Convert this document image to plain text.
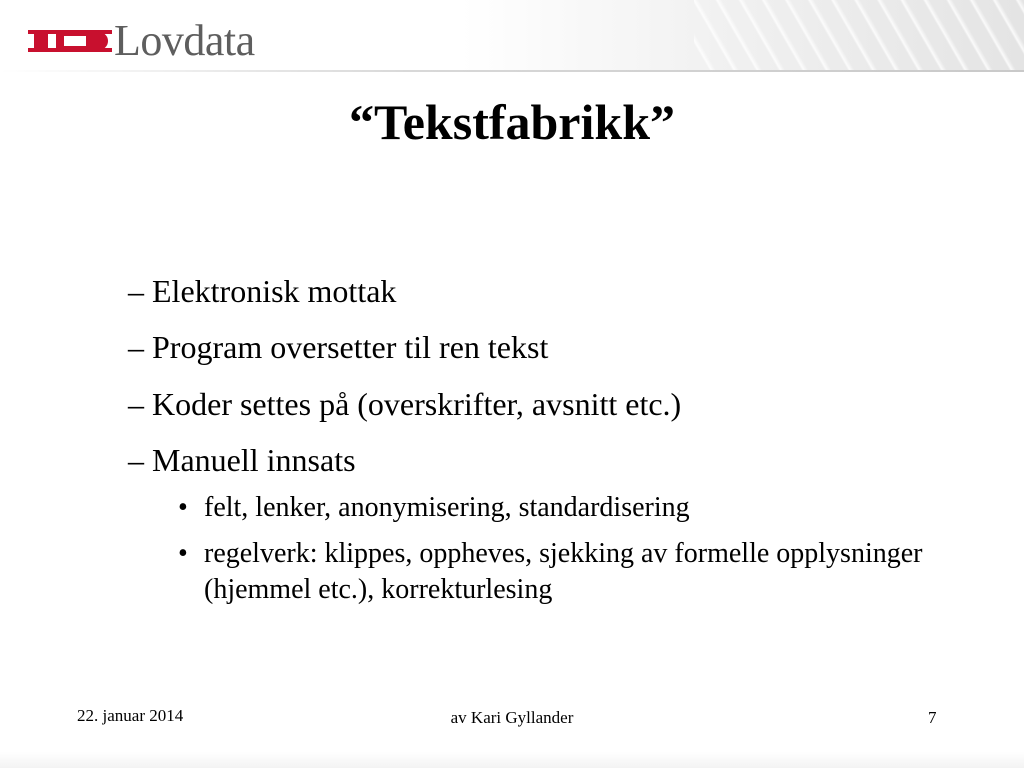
Lovdata
“Tekstfabrikk”
– Elektronisk mottak
– Program oversetter til ren tekst
– Koder settes på (overskrifter, avsnitt etc.)
– Manuell innsats
• felt, lenker, anonymisering, standardisering
• regelverk: klippes, oppheves, sjekking av formelle opplysninger (hjemmel etc.), korrekturlesing
22. januar 2014	av Kari Gyllander	7
